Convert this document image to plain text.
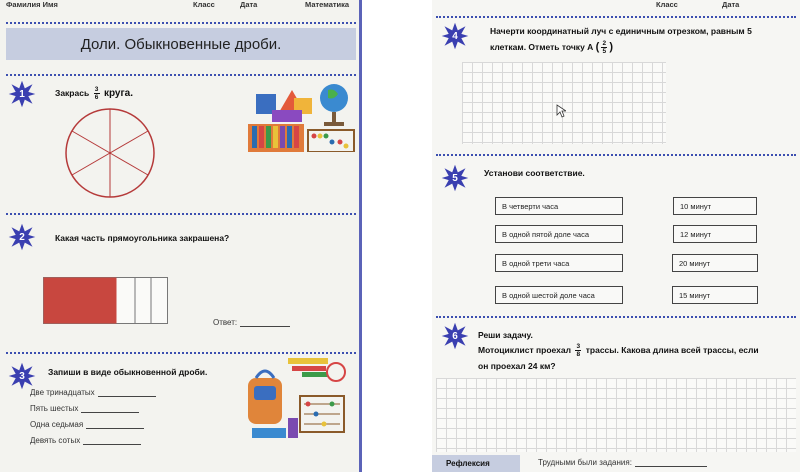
Фамилия Имя	Класс	Дата	Математика
Доли. Обыкновенные дроби.
1	Закрась $\frac{3}{6}$ круга.
2	Какая часть прямоугольника закрашена?
Ответ:
3	Запиши в виде обыкновенной дроби.
Две тринадцатых
Пять шестых
Одна седьмая
Девять сотых
Класс	Дата
4	Начерти координатный луч с единичным отрезком, равным 5
клеткам. Отметь точку А ( $\frac{2}{5}$ )
5	Установи соответствие.
В четверти часа
В одной пятой доле часа
В одной трети часа
В одной шестой доле часа
10 минут
12 минут
20 минут
15 минут
6	Реши задачу.
Мотоциклист проехал $\frac{3}{8}$ трассы. Какова длина всей трассы, если
он проехал 24 км?
Рефлексия	Трудными были задания:
